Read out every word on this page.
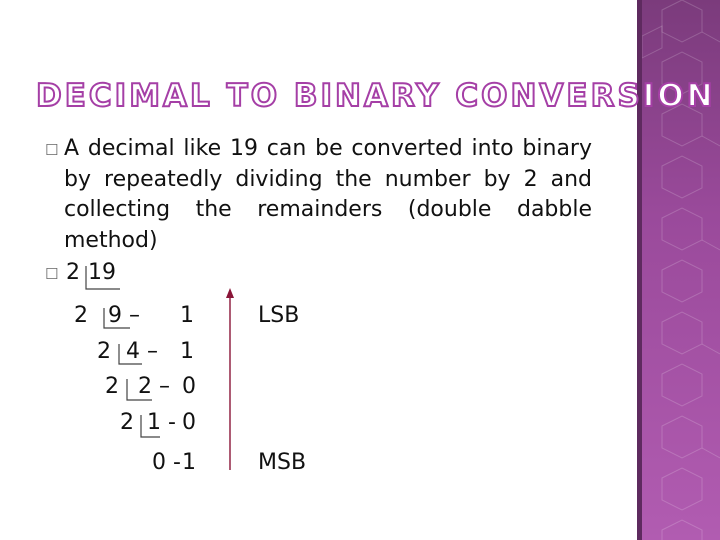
DECIMAL TO BINARY CONVERSION
☐ A decimal like 19 can be converted into binary by repeatedly dividing the number by 2 and collecting the remainders (double dabble method)
☐ 2 19
2 9 – 1
2 4 – 1
2 2 – 0
2 1 - 0
0 - 1
LSB
MSB
